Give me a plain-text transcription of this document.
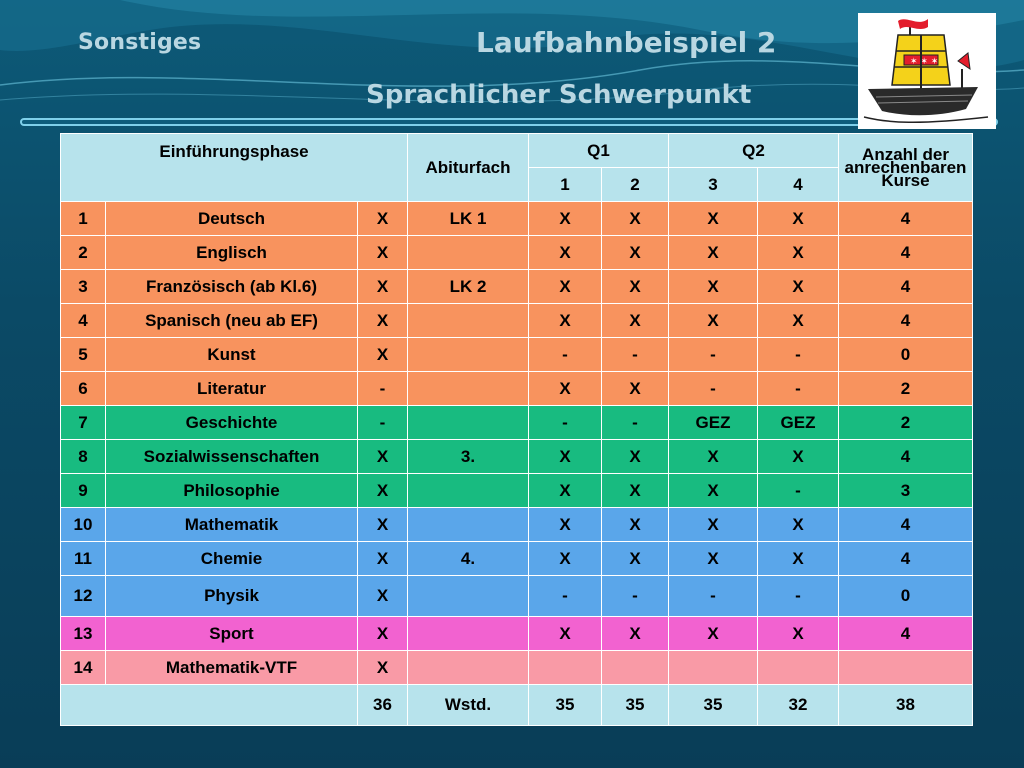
Sonstiges	Laufbahnbeispiel 2
Sprachlicher Schwerpunkt
✶ ✶ ✶
Einführungsphase			Abiturfach	Q1		Q2		Anzahl der anrechenbaren Kurse
				1	2	3	4	
1	Deutsch	X	LK 1	X	X	X	X	4
2	Englisch	X		X	X	X	X	4
3	Französisch (ab Kl.6)	X	LK 2	X	X	X	X	4
4	Spanisch (neu ab EF)	X		X	X	X	X	4
5	Kunst	X		-	-	-	-	0
6	Literatur	-		X	X	-	-	2
7	Geschichte	-		-	-	GEZ	GEZ	2
8	Sozialwissenschaften	X	3.	X	X	X	X	4
9	Philosophie	X		X	X	X	-	3
10	Mathematik	X		X	X	X	X	4
11	Chemie	X	4.	X	X	X	X	4
12	Physik	X		-	-	-	-	0
13	Sport	X		X	X	X	X	4
14	Mathematik-VTF	X						
		36	Wstd.	35	35	35	32	38
